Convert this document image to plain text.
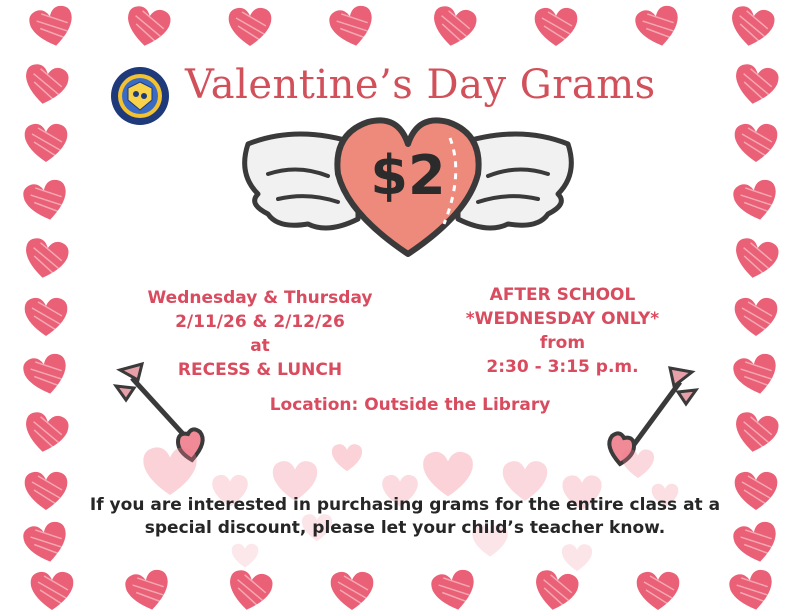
Valentine’s Day Grams
$2
Wednesday & Thursday
2/11/26 & 2/12/26
at
RECESS & LUNCH
AFTER SCHOOL
*WEDNESDAY ONLY*
from
2:30 - 3:15 p.m.
Location: Outside the Library
If you are interested in purchasing grams for the entire class at a
special discount, please let your child’s teacher know.
